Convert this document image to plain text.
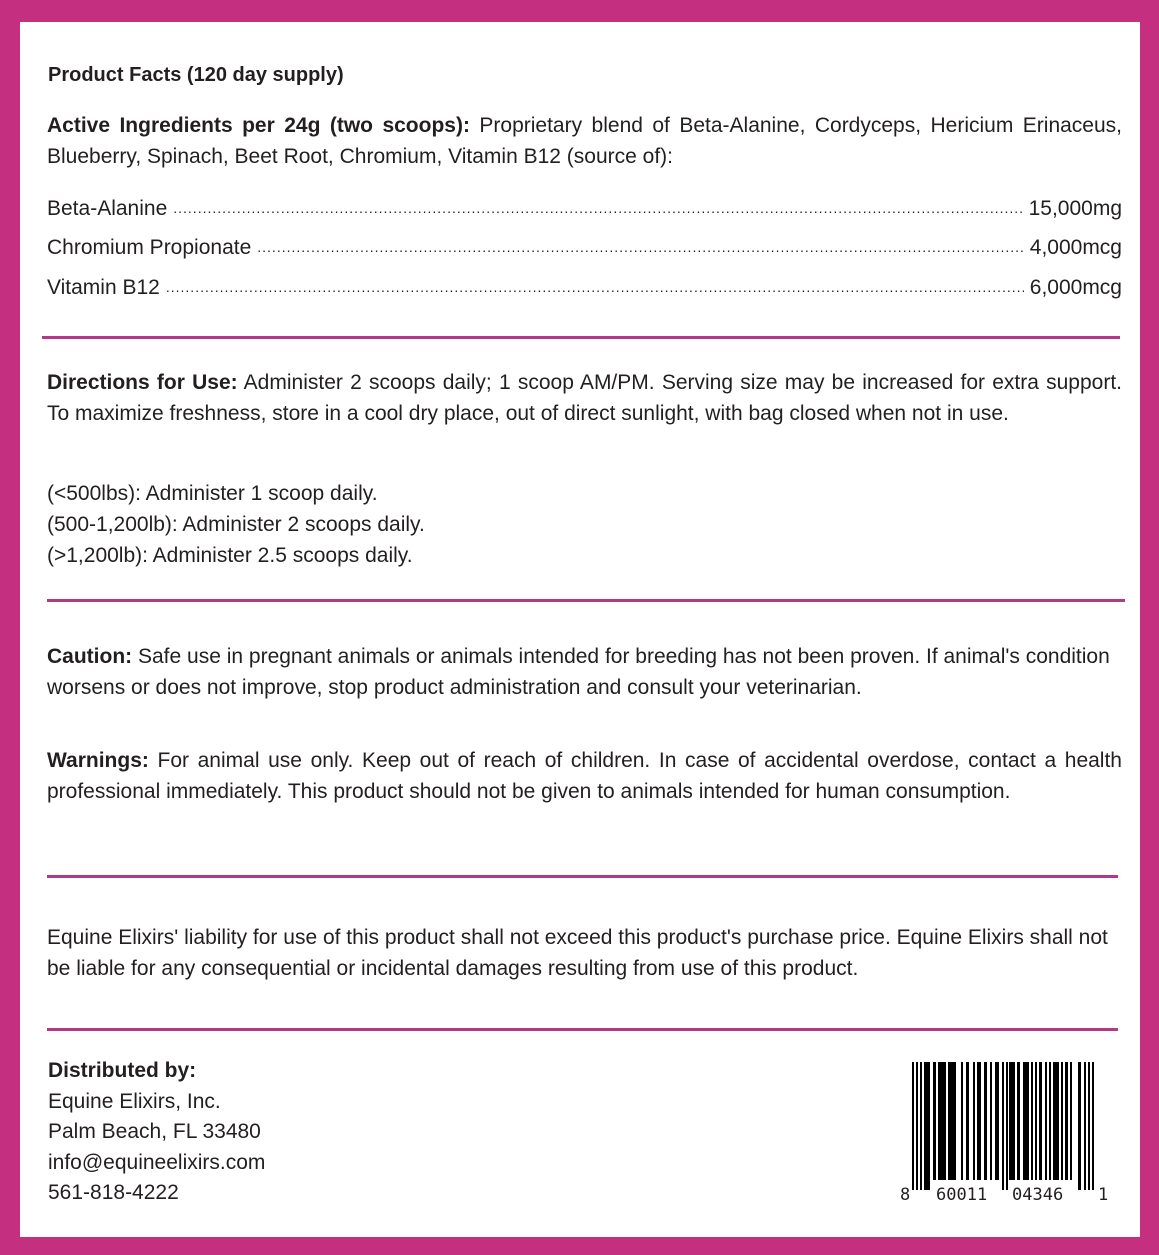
Product Facts (120 day supply)

Active Ingredients per 24g (two scoops): Proprietary blend of Beta-Alanine, Cordyceps, Hericium Erinaceus, Blueberry, Spinach, Beet Root, Chromium, Vitamin B12 (source of):

Beta-Alanine .....	15,000mg
Chromium Propionate .....	4,000mcg
Vitamin B12 .....	6,000mcg

Directions for Use: Administer 2 scoops daily; 1 scoop AM/PM. Serving size may be increased for extra support. To maximize freshness, store in a cool dry place, out of direct sunlight, with bag closed when not in use.

(<500lbs): Administer 1 scoop daily.
(500-1,200lb): Administer 2 scoops daily.
(>1,200lb): Administer 2.5 scoops daily.

Caution: Safe use in pregnant animals or animals intended for breeding has not been proven. If animal's condition worsens or does not improve, stop product administration and consult your veterinarian.

Warnings: For animal use only. Keep out of reach of children. In case of accidental overdose, contact a health professional immediately. This product should not be given to animals intended for human consumption.

Equine Elixirs' liability for use of this product shall not exceed this product's purchase price. Equine Elixirs shall not be liable for any consequential or incidental damages resulting from use of this product.

Distributed by:
Equine Elixirs, Inc.
Palm Beach, FL 33480
info@equineelixirs.com
561-818-4222	8 60011 04346 1
